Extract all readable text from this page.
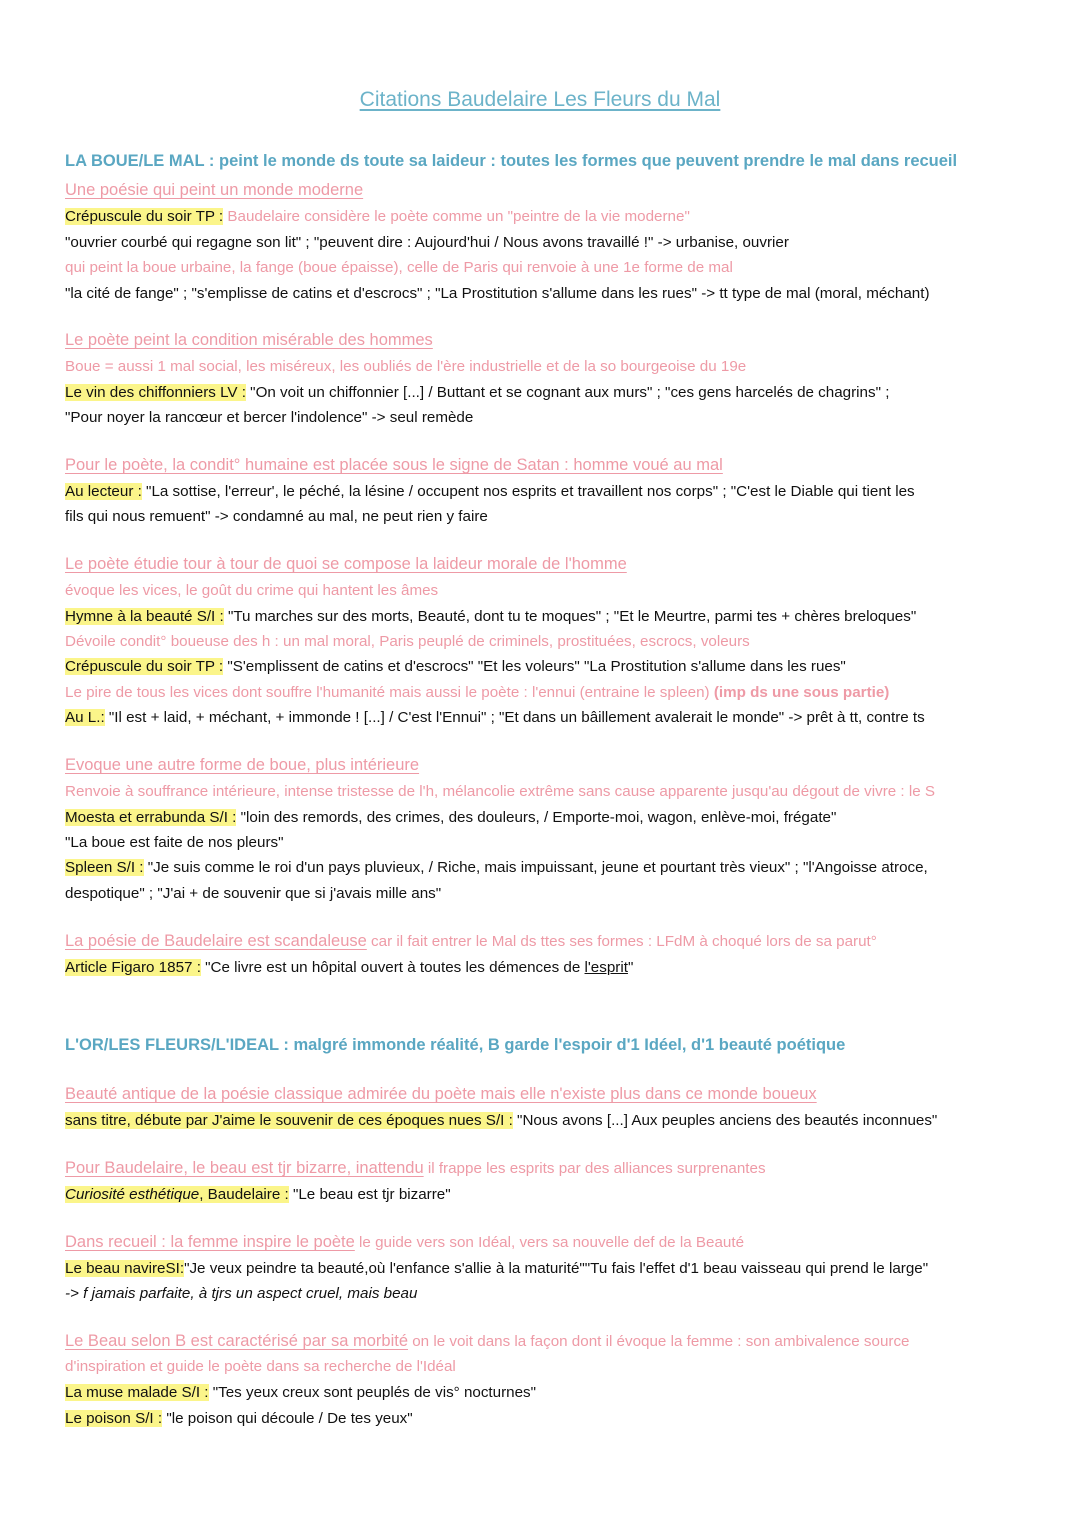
Citations Baudelaire Les Fleurs du Mal
LA BOUE/LE MAL : peint le monde ds toute sa laideur : toutes les formes que peuvent prendre le mal dans recueil
Une poésie qui peint un monde moderne
Crépuscule du soir TP : Baudelaire considère le poète comme un "peintre de la vie moderne"
"ouvrier courbé qui regagne son lit" ; "peuvent dire : Aujourd'hui / Nous avons travaillé !" -> urbanise, ouvrier
qui peint la boue urbaine, la fange (boue épaisse), celle de Paris qui renvoie à une 1e forme de mal
"la cité de fange" ; "s'emplisse de catins et d'escrocs" ; "La Prostitution s'allume dans les rues" -> tt type de mal (moral, méchant)
Le poète peint la condition misérable des hommes
Boue = aussi 1 mal social, les miséreux, les oubliés de l'ère industrielle et de la so bourgeoise du 19e
Le vin des chiffonniers LV : "On voit un chiffonnier [...] / Buttant et se cognant aux murs" ; "ces gens harcelés de chagrins" ;
"Pour noyer la rancœur et bercer l'indolence" -> seul remède
Pour le poète, la condit° humaine est placée sous le signe de Satan : homme voué au mal
Au lecteur : "La sottise, l'erreur', le péché, la lésine / occupent nos esprits et travaillent nos corps" ; "C'est le Diable qui tient les
fils qui nous remuent" -> condamné au mal, ne peut rien y faire
Le poète étudie tour à tour de quoi se compose la laideur morale de l'homme
évoque les vices, le goût du crime qui hantent les âmes
Hymne à la beauté S/I : "Tu marches sur des morts, Beauté, dont tu te moques" ; "Et le Meurtre, parmi tes + chères breloques"
Dévoile condit° boueuse des h : un mal moral, Paris peuplé de criminels, prostituées, escrocs, voleurs
Crépuscule du soir TP : "S'emplissent de catins et d'escrocs" "Et les voleurs" "La Prostitution s'allume dans les rues"
Le pire de tous les vices dont souffre l'humanité mais aussi le poète : l'ennui (entraine le spleen) (imp ds une sous partie)
Au L.: "Il est + laid, + méchant, + immonde ! [...] / C'est l'Ennui" ; "Et dans un bâillement avalerait le monde" -> prêt à tt, contre ts
Evoque une autre forme de boue, plus intérieure
Renvoie à souffrance intérieure, intense tristesse de l'h, mélancolie extrême sans cause apparente jusqu'au dégout de vivre : le S
Moesta et errabunda S/I : "loin des remords, des crimes, des douleurs, / Emporte-moi, wagon, enlève-moi, frégate"
"La boue est faite de nos pleurs"
Spleen S/I : "Je suis comme le roi d'un pays pluvieux, / Riche, mais impuissant, jeune et pourtant très vieux" ; "l'Angoisse atroce,
despotique" ; "J'ai + de souvenir que si j'avais mille ans"
La poésie de Baudelaire est scandaleuse car il fait entrer le Mal ds ttes ses formes : LFdM à choqué lors de sa parut°
Article Figaro 1857 : "Ce livre est un hôpital ouvert à toutes les démences de l'esprit"
L'OR/LES FLEURS/L'IDEAL : malgré immonde réalité, B garde l'espoir d'1 Idéel, d'1 beauté poétique
Beauté antique de la poésie classique admirée du poète mais elle n'existe plus dans ce monde boueux
sans titre, débute par J'aime le souvenir de ces époques nues S/I : "Nous avons [...] Aux peuples anciens des beautés inconnues"
Pour Baudelaire, le beau est tjr bizarre, inattendu il frappe les esprits par des alliances surprenantes
Curiosité esthétique, Baudelaire : "Le beau est tjr bizarre"
Dans recueil : la femme inspire le poète le guide vers son Idéal, vers sa nouvelle def de la Beauté
Le beau navireSI:"Je veux peindre ta beauté,où l'enfance s'allie à la maturité""Tu fais l'effet d'1 beau vaisseau qui prend le large"
-> f jamais parfaite, à tjrs un aspect cruel, mais beau
Le Beau selon B est caractérisé par sa morbité on le voit dans la façon dont il évoque la femme : son ambivalence source
d'inspiration et guide le poète dans sa recherche de l'Idéal
La muse malade S/I : "Tes yeux creux sont peuplés de vis° nocturnes"
Le poison S/I : "le poison qui découle / De tes yeux"
